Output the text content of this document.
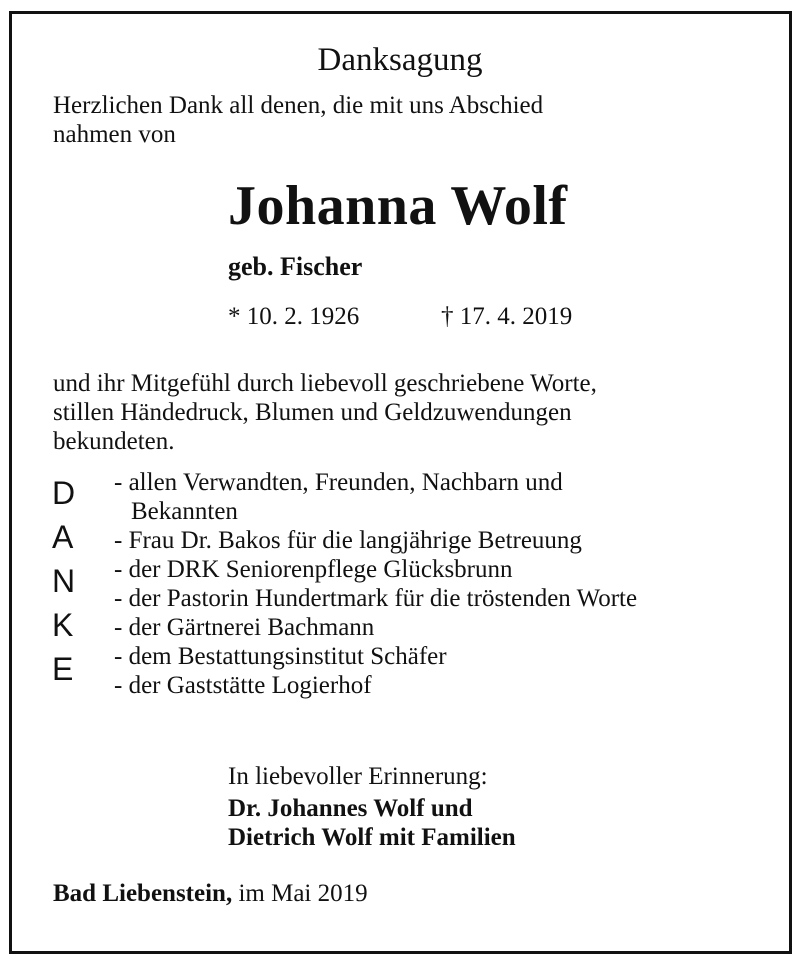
Danksagung
Herzlichen Dank all denen, die mit uns Abschied
nahmen von
Johanna Wolf
geb. Fischer
* 10. 2. 1926	† 17. 4. 2019
und ihr Mitgefühl durch liebevoll geschriebene Worte,
stillen Händedruck, Blumen und Geldzuwendungen
bekundeten.
D
A
N
K
E
- allen Verwandten, Freunden, Nachbarn und
Bekannten
- Frau Dr. Bakos für die langjährige Betreuung
- der DRK Seniorenpflege Glücksbrunn
- der Pastorin Hundertmark für die tröstenden Worte
- der Gärtnerei Bachmann
- dem Bestattungsinstitut Schäfer
- der Gaststätte Logierhof
In liebevoller Erinnerung:
Dr. Johannes Wolf und
Dietrich Wolf mit Familien
Bad Liebenstein, im Mai 2019
